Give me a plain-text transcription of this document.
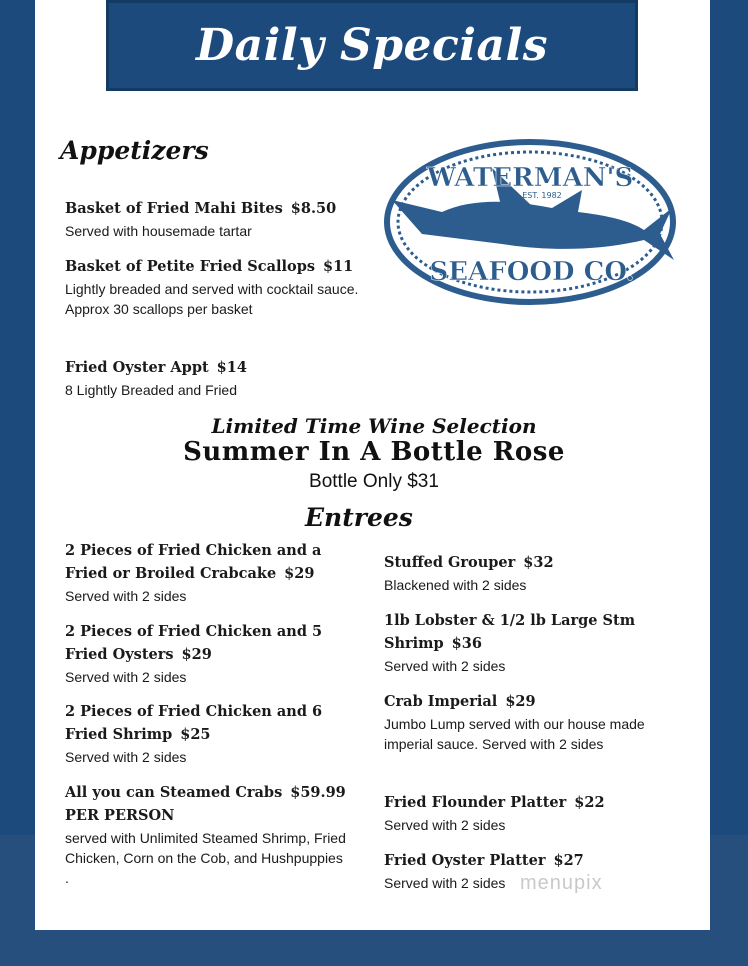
Daily Specials
Appetizers
Basket of Fried Mahi Bites $8.50
Served with housemade tartar
Basket of Petite Fried Scallops $11
Lightly breaded and served with cocktail sauce. Approx 30 scallops per basket
Fried Oyster Appt $14
8 Lightly Breaded and Fried
WATERMAN'S
EST. 1982
SEAFOOD CO.
Limited Time Wine Selection
Summer In A Bottle Rose
Bottle Only $31
Entrees
2 Pieces of Fried Chicken and a Fried or Broiled Crabcake $29
Served with 2 sides
2 Pieces of Fried Chicken and 5 Fried Oysters $29
Served with 2 sides
2 Pieces of Fried Chicken and 6 Fried Shrimp $25
Served with 2 sides
All you can Steamed Crabs $59.99 PER PERSON
served with Unlimited Steamed Shrimp, Fried Chicken, Corn on the Cob, and Hushpuppies .
Stuffed Grouper $32
Blackened with 2 sides
1lb Lobster & 1/2 lb Large Stm Shrimp $36
Served with 2 sides
Crab Imperial $29
Jumbo Lump served with our house made imperial sauce. Served with 2 sides
Fried Flounder Platter $22
Served with 2 sides
Fried Oyster Platter $27
Served with 2 sides menupix
